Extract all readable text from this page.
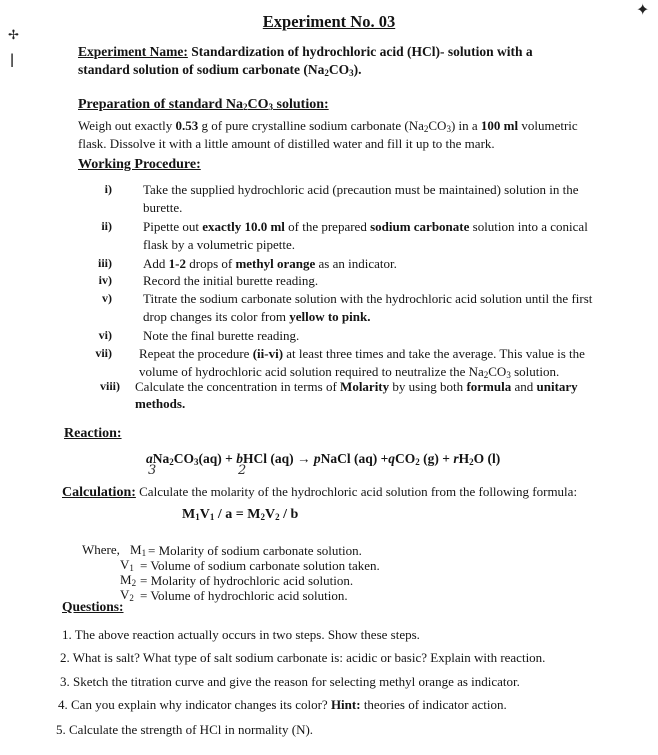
✢
ǀ
✦
Experiment No. 03
Experiment Name: Standardization of hydrochloric acid (HCl)- solution with a
standard solution of sodium carbonate $(Na_2CO_3)$.
Preparation of standard $Na_2CO_3$ solution:
Weigh out exactly 0.53 g of pure crystalline sodium carbonate $(Na_2CO_3)$ in a 100 ml volumetric
flask. Dissolve it with a little amount of distilled water and fill it up to the mark.
Working Procedure:
i) Take the supplied hydrochloric acid (precaution must be maintained) solution in the
burette.
ii) Pipette out exactly 10.0 ml of the prepared sodium carbonate solution into a conical
flask by a volumetric pipette.
iii) Add 1-2 drops of methyl orange as an indicator.
iv) Record the initial burette reading.
v) Titrate the sodium carbonate solution with the hydrochloric acid solution until the first
drop changes its color from yellow to pink.
vi) Note the final burette reading.
vii) Repeat the procedure (ii-vi) at least three times and take the average. This value is the
volume of hydrochloric acid solution required to neutralize the $Na_2CO_3$ solution.
viii) Calculate the concentration in terms of Molarity by using both formula and unitary
methods.
Reaction:
$aNa_2CO_3(aq)$ + bHCl (aq) → pNaCl (aq) +qCO$_2$ $(g) + rH_2O$ (l)
3	2
Calculation: Calculate the molarity of the hydrochloric acid solution from the following formula:
$M_1V_1 / a = M_2V_2 / b$
Where, $M_1$ = Molarity of sodium carbonate solution.
$V_1$ = Volume of sodium carbonate solution taken.
$M_2$ = Molarity of hydrochloric acid solution.
$V_2$ = Volume of hydrochloric acid solution.
Questions:
1. The above reaction actually occurs in two steps. Show these steps.
2. What is salt? What type of salt sodium carbonate is: acidic or basic? Explain with reaction.
3. Sketch the titration curve and give the reason for selecting methyl orange as indicator.
4. Can you explain why indicator changes its color? Hint: theories of indicator action.
5. Calculate the strength of HCl in normality (N).
